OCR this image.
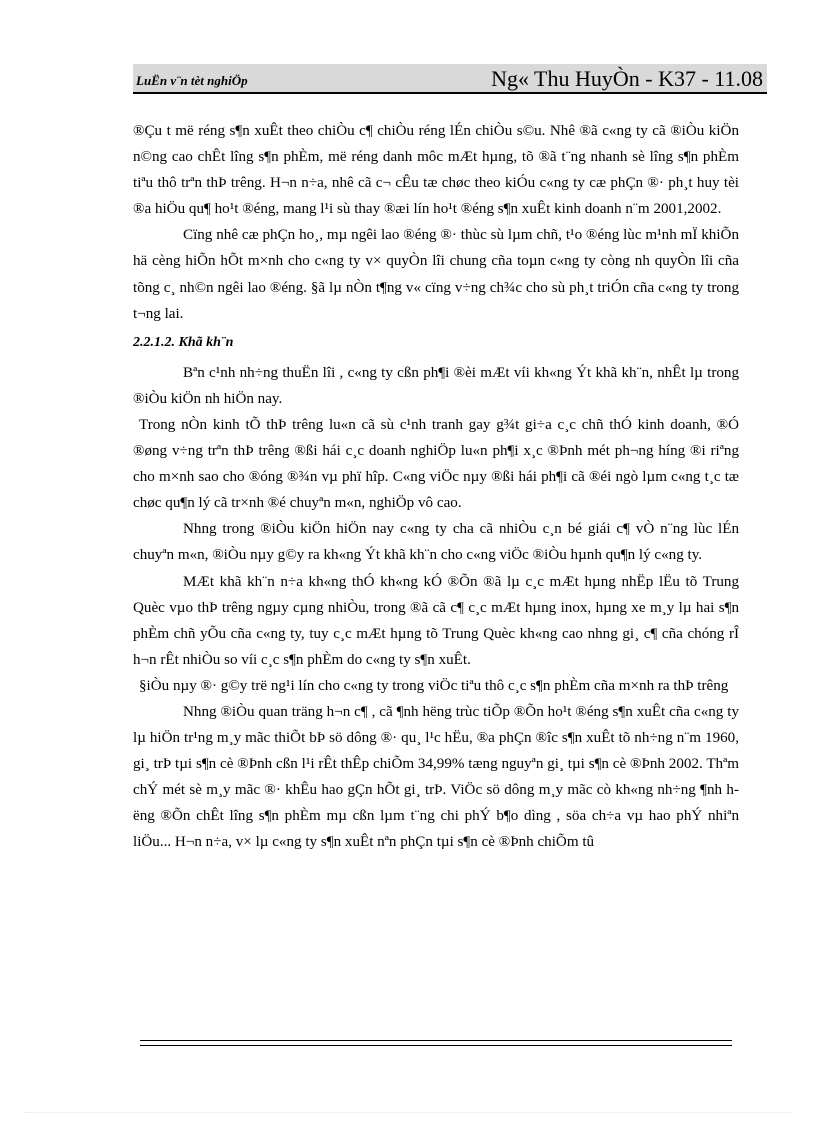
LuËn v¨n tèt nghiÖp	Ng« Thu HuyÒn - K37 - 11.08

®Çu t më réng s¶n xuÊt theo chiÒu c¶ chiÒu réng lÉn chiÒu s©u. Nhê ®ã c«ng ty cã ®iÒu kiÖn n©ng cao chÊt lîng s¶n phÈm, më réng danh môc mÆt hµng, tõ ®ã t¨ng nhanh sè lîng s¶n phÈm tiªu thô trªn thÞ trêng. H¬n n÷a, nhê cã c¬ cÊu tæ chøc theo kiÓu c«ng ty cæ phÇn ®· ph¸t huy tèi ®a hiÖu qu¶ ho¹t ®éng, mang l¹i sù thay ®æi lín ho¹t ®éng s¶n xuÊt kinh doanh n¨m 2001,2002.

Cïng nhê cæ phÇn ho¸, mµ ngêi lao ®éng ®· thùc sù lµm chñ, t¹o ®éng lùc m¹nh mÏ khiÕn hä cèng hiÕn hÕt m×nh cho c«ng ty v× quyÒn lîi chung cña toµn c«ng ty còng nh quyÒn lîi cña tõng c¸ nh©n ngêi lao ®éng. §ã lµ nÒn t¶ng v« cïng v÷ng ch¾c cho sù ph¸t triÓn cña c«ng ty trong t¬ng lai.

2.2.1.2. Khã kh¨n

Bªn c¹nh nh÷ng thuËn lîi , c«ng ty cßn ph¶i ®èi mÆt víi kh«ng Ýt khã kh¨n, nhÊt lµ trong ®iÒu kiÖn nh hiÖn nay.

Trong nÒn kinh tÕ thÞ trêng lu«n cã sù c¹nh tranh gay g¾t gi÷a c¸c chñ thÓ kinh doanh, ®Ó ®øng v÷ng trªn thÞ trêng ®ßi hái c¸c doanh nghiÖp lu«n ph¶i x¸c ®Þnh mét ph¬ng híng ®i riªng cho m×nh sao cho ®óng ®¾n vµ phï hîp. C«ng viÖc nµy ®ßi hái ph¶i cã ®éi ngò lµm c«ng t¸c tæ chøc qu¶n lý cã tr×nh ®é chuyªn m«n, nghiÖp vô cao.

Nhng trong ®iÒu kiÖn hiÖn nay c«ng ty cha cã nhiÒu c¸n bé giái c¶ vÒ n¨ng lùc lÉn chuyªn m«n, ®iÒu nµy g©y ra kh«ng Ýt khã kh¨n cho c«ng viÖc ®iÒu hµnh qu¶n lý c«ng ty.

MÆt khã kh¨n n÷a kh«ng thÓ kh«ng kÓ ®Õn ®ã lµ c¸c mÆt hµng nhËp lËu tõ Trung Quèc vµo thÞ trêng ngµy cµng nhiÒu, trong ®ã cã c¶ c¸c mÆt hµng inox, hµng xe m¸y lµ hai s¶n phÈm chñ yÕu cña c«ng ty, tuy c¸c mÆt hµng tõ Trung Quèc kh«ng cao nhng gi¸ c¶ cña chóng rÎ h¬n rÊt nhiÒu so víi c¸c s¶n phÈm do c«ng ty s¶n xuÊt.

§iÒu nµy ®· g©y trë ng¹i lín cho c«ng ty trong viÖc tiªu thô c¸c s¶n phÈm cña m×nh ra thÞ trêng

Nhng ®iÒu quan träng h¬n c¶ , cã ¶nh hëng trùc tiÕp ®Õn ho¹t ®éng s¶n xuÊt cña c«ng ty lµ hiÖn tr¹ng m¸y mãc thiÕt bÞ sö dông ®· qu¸ l¹c hËu, ®a phÇn ®îc s¶n xuÊt tõ nh÷ng n¨m 1960, gi¸ trÞ tµi s¶n cè ®Þnh cßn l¹i rÊt thÊp chiÕm 34,99% tæng nguyªn gi¸ tµi s¶n cè ®Þnh 2002. Thªm chÝ mét sè m¸y mãc ®· khÊu hao gÇn hÕt gi¸ trÞ. ViÖc sö dông m¸y mãc cò kh«ng nh÷ng ¶nh hëng ®Õn chÊt lîng s¶n phÈm mµ cßn lµm t¨ng chi phÝ b¶o dìng , söa ch÷a vµ hao phÝ nhiªn liÖu... H¬n n÷a, v× lµ c«ng ty s¶n xuÊt nªn phÇn tµi s¶n cè ®Þnh chiÕm tû
